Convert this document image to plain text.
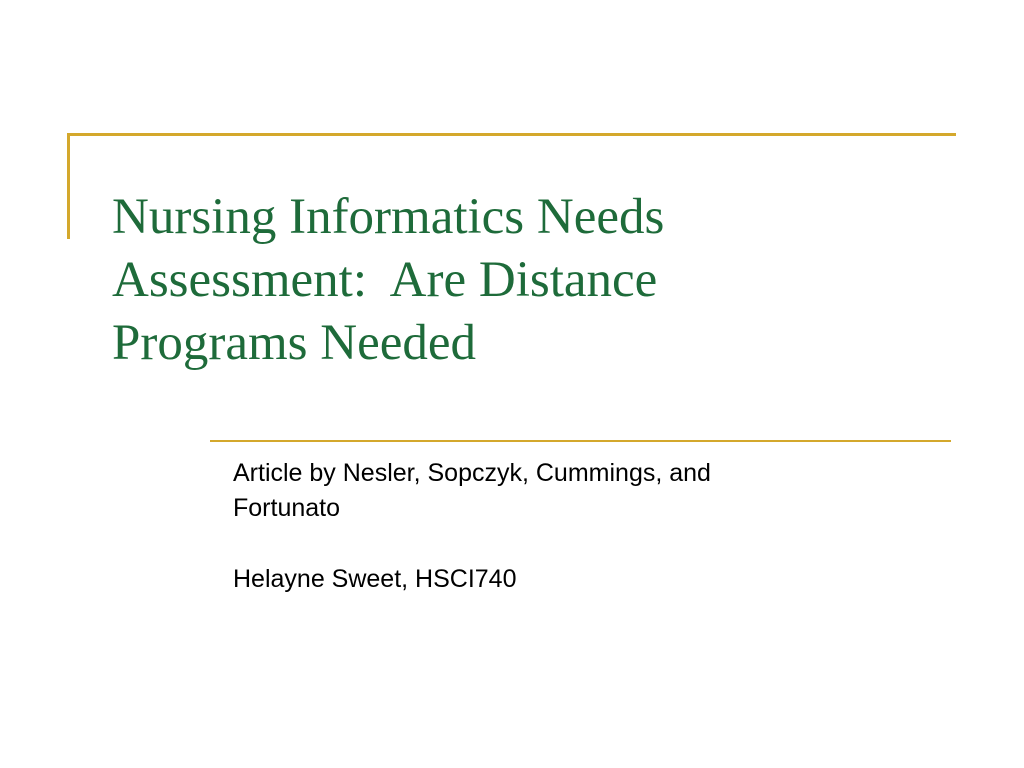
Nursing Informatics Needs
Assessment:  Are Distance
Programs Needed

Article by Nesler, Sopczyk, Cummings, and

Fortunato

Helayne Sweet, HSCI740
